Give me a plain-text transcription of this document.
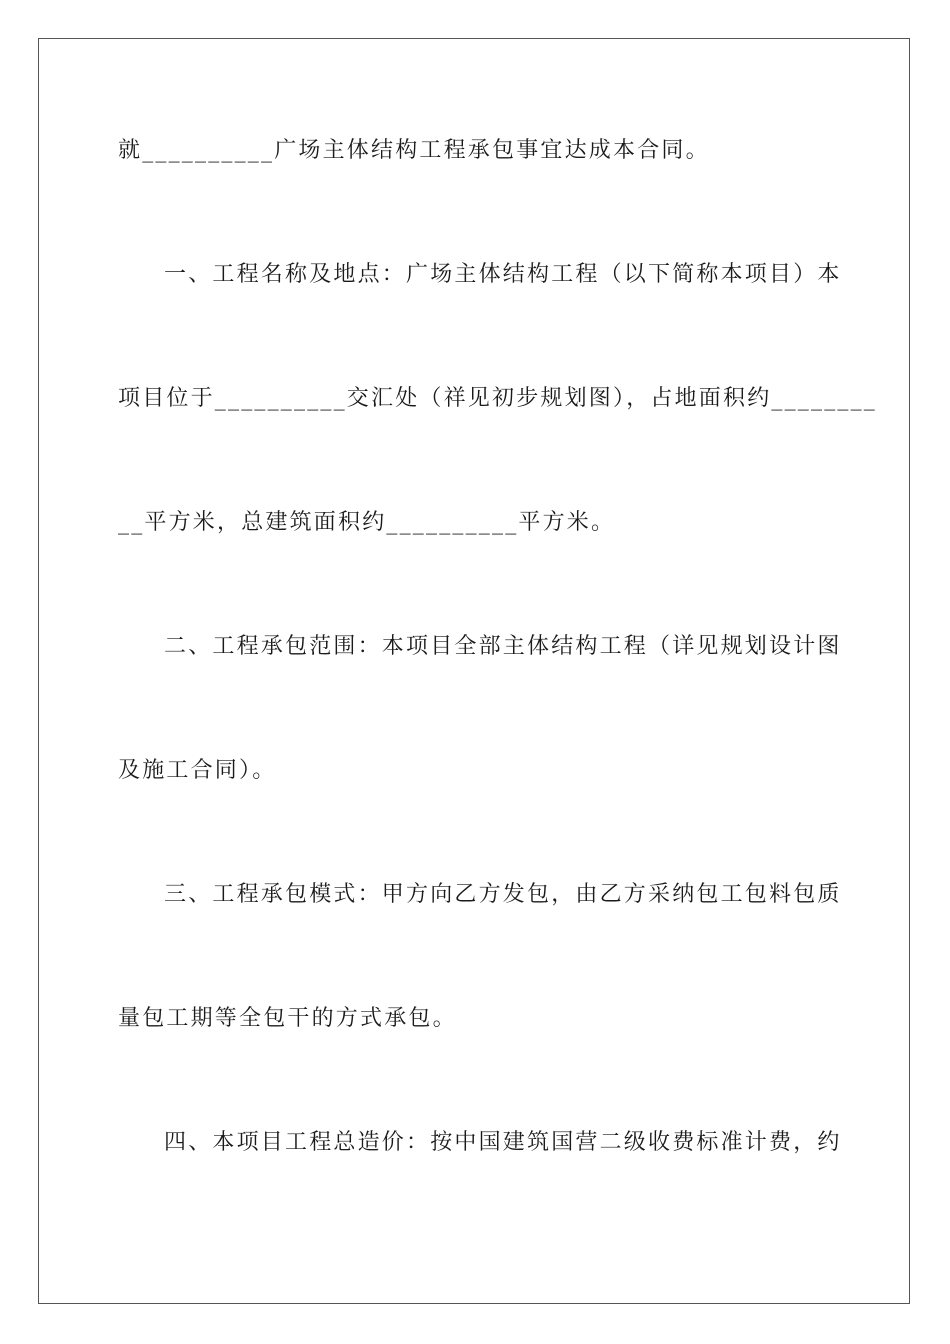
就__________广场主体结构工程承包事宜达成本合同。
一、工程名称及地点：广场主体结构工程（以下简称本项目）本
项目位于__________交汇处（祥见初步规划图），占地面积约________
__平方米，总建筑面积约__________平方米。
二、工程承包范围：本项目全部主体结构工程（详见规划设计图
及施工合同）。
三、工程承包模式：甲方向乙方发包，由乙方采纳包工包料包质
量包工期等全包干的方式承包。
四、本项目工程总造价：按中国建筑国营二级收费标准计费，约
